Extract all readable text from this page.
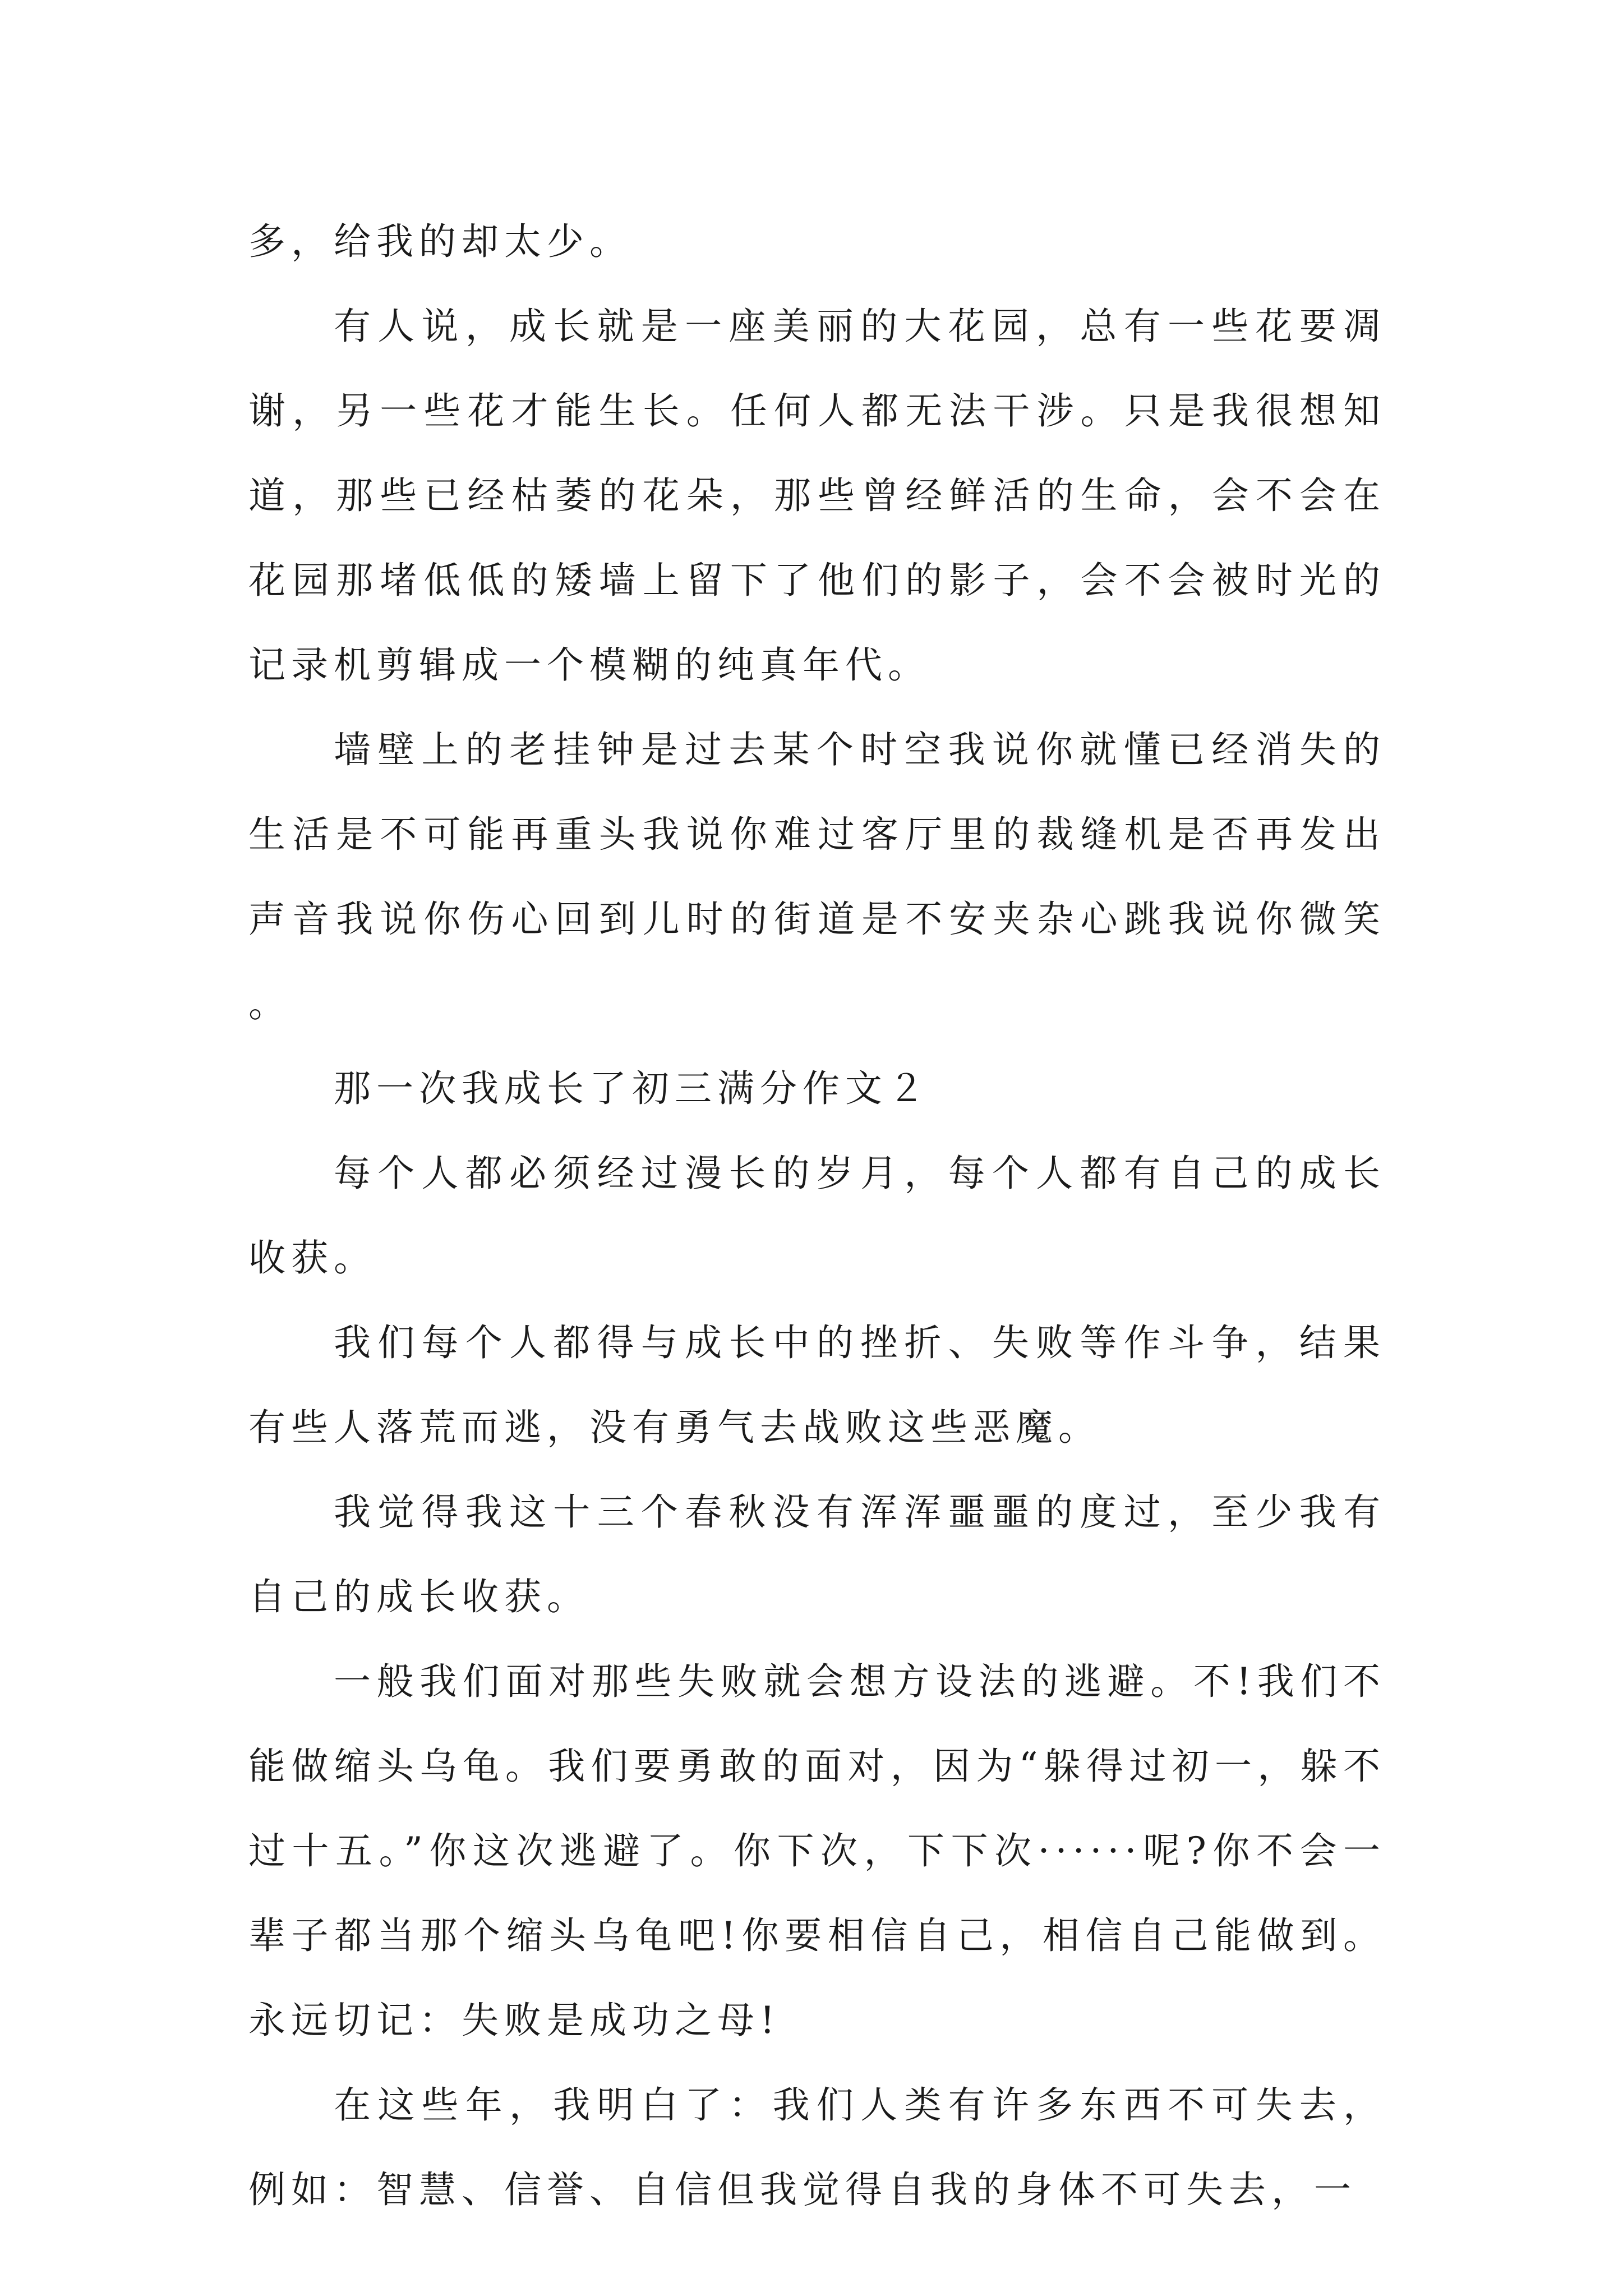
多，给我的却太少。

有人说，成长就是一座美丽的大花园，总有一些花要凋谢，另一些花才能生长。任何人都无法干涉。只是我很想知道，那些已经枯萎的花朵，那些曾经鲜活的生命，会不会在花园那堵低低的矮墙上留下了他们的影子，会不会被时光的记录机剪辑成一个模糊的纯真年代。

墙壁上的老挂钟是过去某个时空我说你就懂已经消失的生活是不可能再重头我说你难过客厅里的裁缝机是否再发出声音我说你伤心回到儿时的街道是不安夹杂心跳我说你微笑。

那一次我成长了初三满分作文２

每个人都必须经过漫长的岁月，每个人都有自己的成长收获。

我们每个人都得与成长中的挫折、失败等作斗争，结果有些人落荒而逃，没有勇气去战败这些恶魔。

我觉得我这十三个春秋没有浑浑噩噩的度过，至少我有自己的成长收获。

一般我们面对那些失败就会想方设法的逃避。不!我们不能做缩头乌龟。我们要勇敢的面对，因为“躲得过初一，躲不过十五。”你这次逃避了。你下次，下下次······呢?你不会一辈子都当那个缩头乌龟吧!你要相信自己，相信自己能做到。永远切记：失败是成功之母!

在这些年，我明白了：我们人类有许多东西不可失去，例如：智慧、信誉、自信但我觉得自我的身体不可失去，一
